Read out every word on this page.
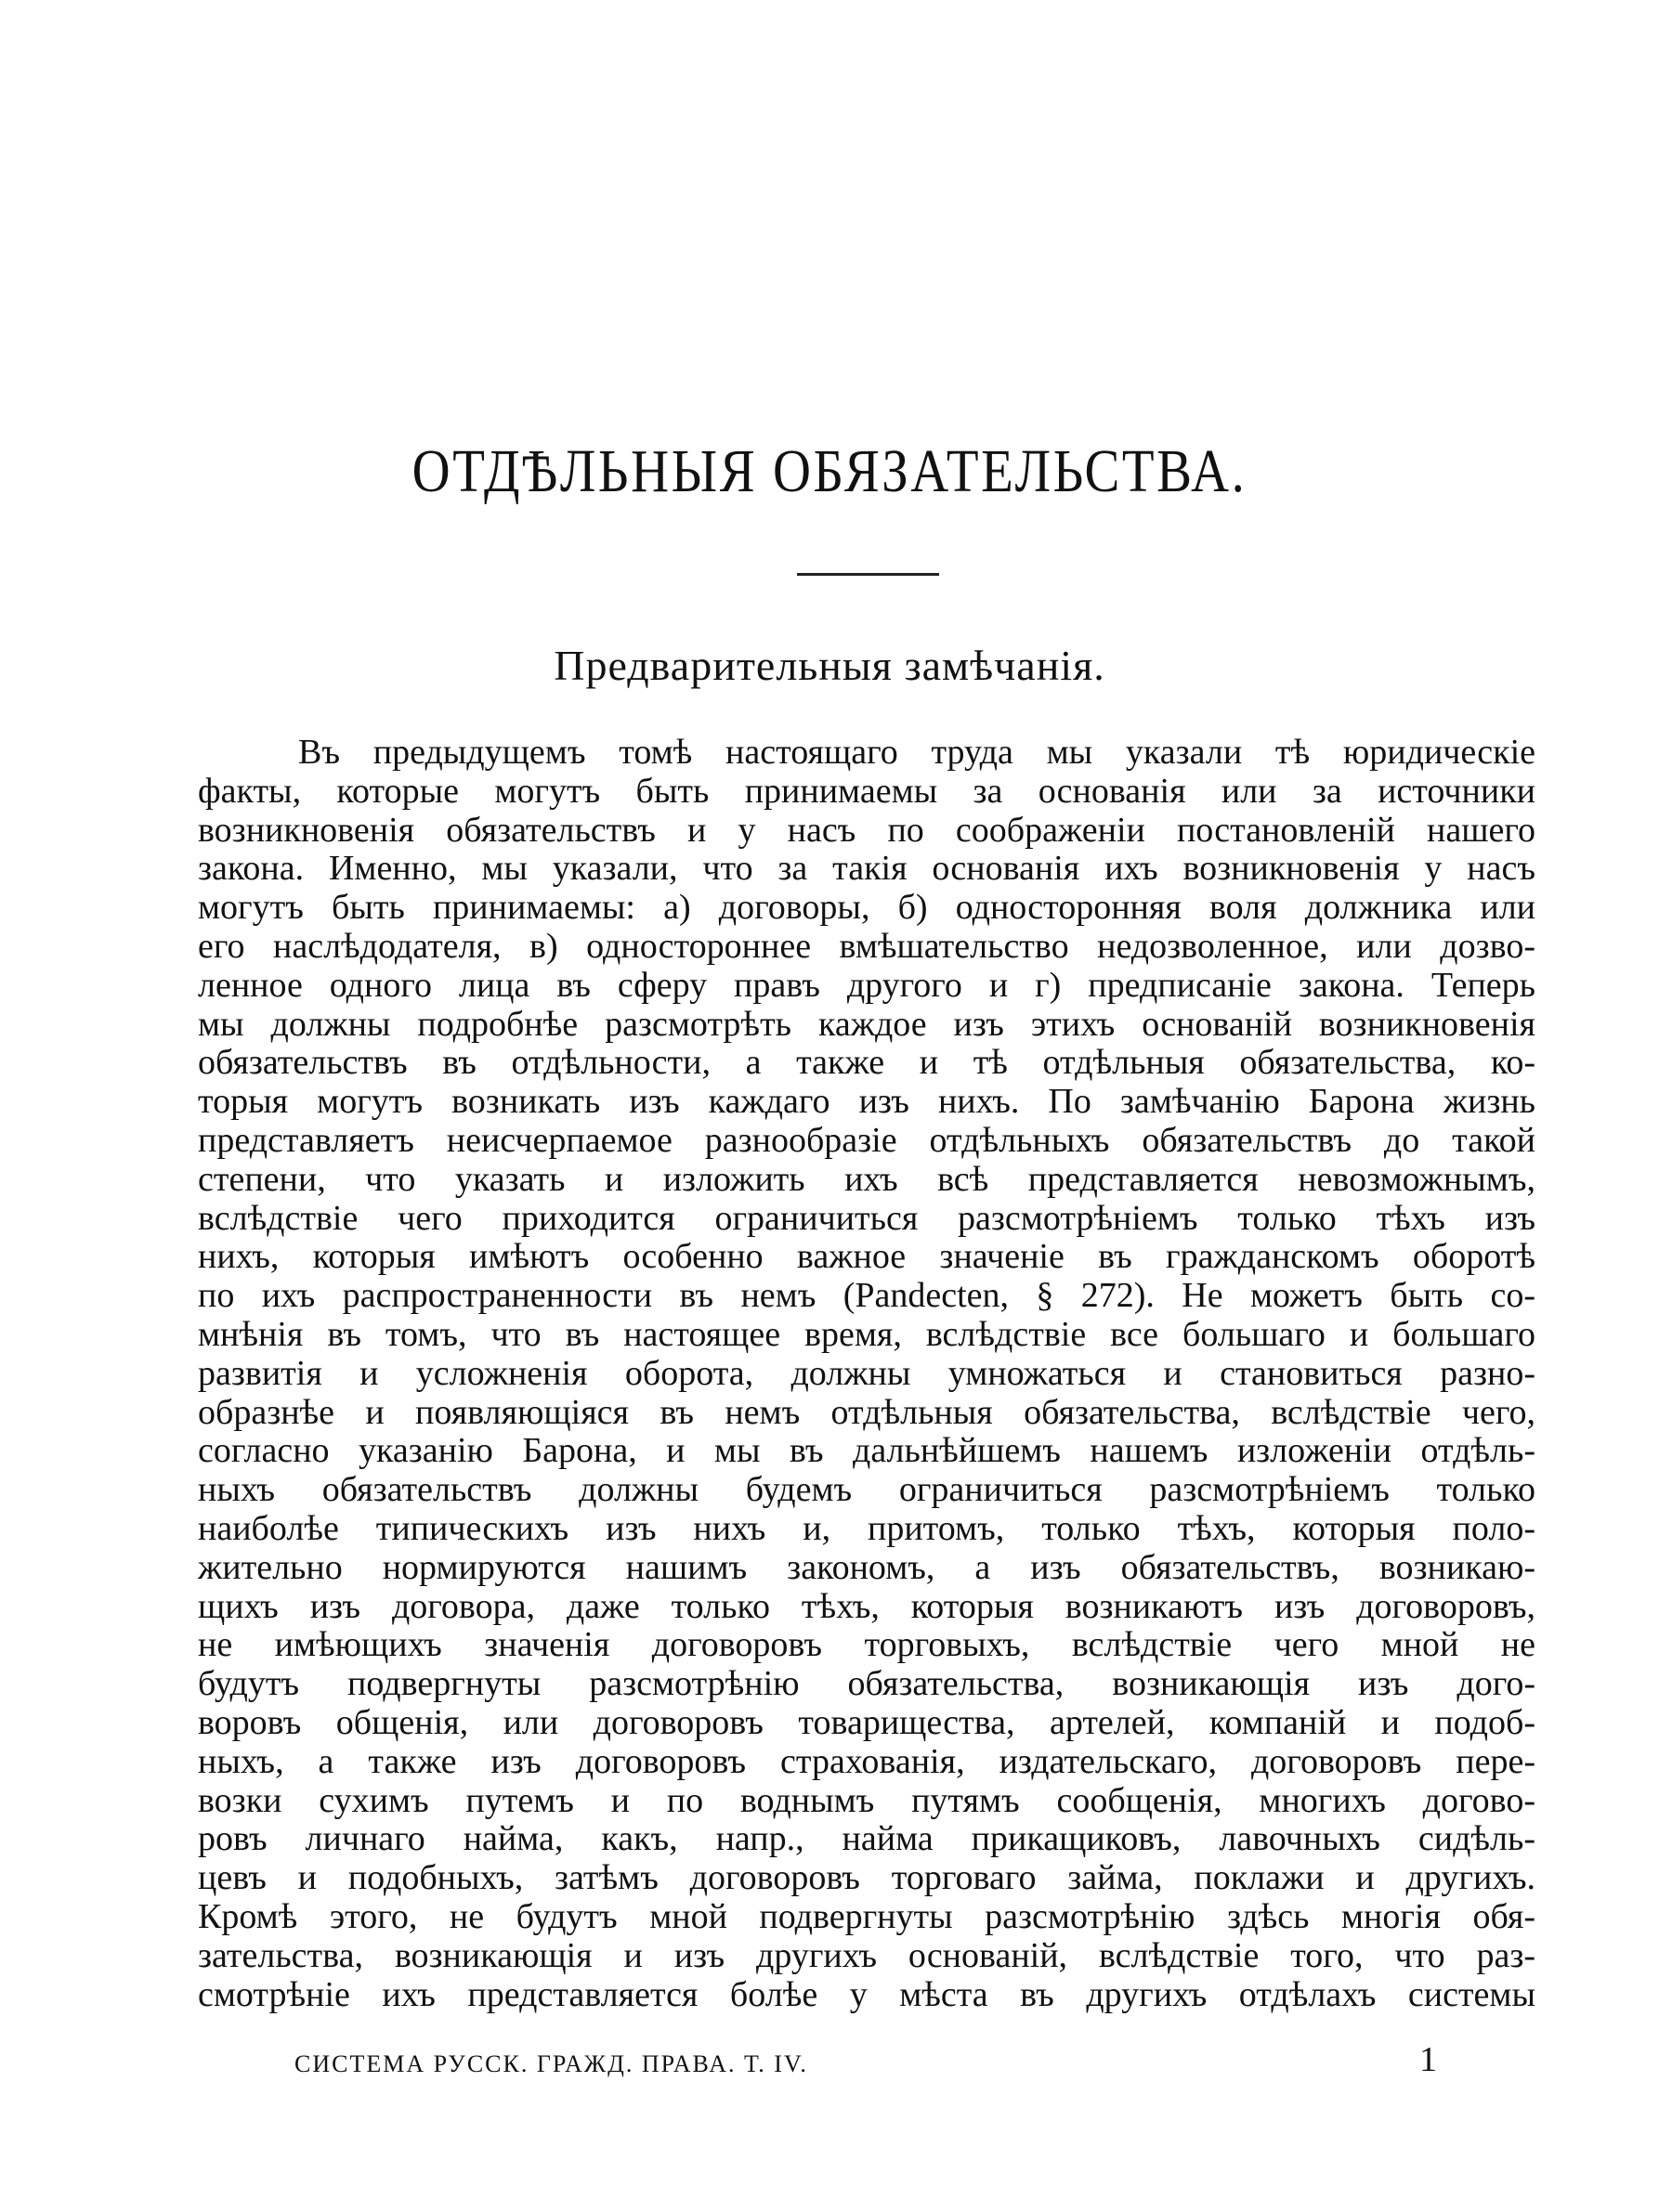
ОТДѢЛЬНЫЯ ОБЯЗАТЕЛЬСТВА.
Предварительныя замѣчанія.
Въ предыдущемъ томѣ настоящаго труда мы указали тѣ юридическіе
факты, которые могутъ быть принимаемы за основанія или за источники
возникновенія обязательствъ и у насъ по соображеніи постановленій нашего
закона. Именно, мы указали, что за такія основанія ихъ возникновенія у насъ
могутъ быть принимаемы: а) договоры, б) односторонняя воля должника или
его наслѣдодателя, в) одностороннее вмѣшательство недозволенное, или дозво-
ленное одного лица въ сферу правъ другого и г) предписаніе закона. Теперь
мы должны подробнѣе разсмотрѣть каждое изъ этихъ основаній возникновенія
обязательствъ въ отдѣльности, а также и тѣ отдѣльныя обязательства, ко-
торыя могутъ возникать изъ каждаго изъ нихъ. По замѣчанію Барона жизнь
представляетъ неисчерпаемое разнообразіе отдѣльныхъ обязательствъ до такой
степени, что указать и изложить ихъ всѣ представляется невозможнымъ,
вслѣдствіе чего приходится ограничиться разсмотрѣніемъ только тѣхъ изъ
нихъ, которыя имѣютъ особенно важное значеніе въ гражданскомъ оборотѣ
по ихъ распространенности въ немъ (Pandecten, § 272). Не можетъ быть со-
мнѣнія въ томъ, что въ настоящее время, вслѣдствіе все большаго и большаго
развитія и усложненія оборота, должны умножаться и становиться разно-
образнѣе и появляющіяся въ немъ отдѣльныя обязательства, вслѣдствіе чего,
согласно указанію Барона, и мы въ дальнѣйшемъ нашемъ изложеніи отдѣль-
ныхъ обязательствъ должны будемъ ограничиться разсмотрѣніемъ только
наиболѣе типическихъ изъ нихъ и, притомъ, только тѣхъ, которыя поло-
жительно нормируются нашимъ закономъ, а изъ обязательствъ, возникаю-
щихъ изъ договора, даже только тѣхъ, которыя возникаютъ изъ договоровъ,
не имѣющихъ значенія договоровъ торговыхъ, вслѣдствіе чего мной не
будутъ подвергнуты разсмотрѣнію обязательства, возникающія изъ дого-
воровъ общенія, или договоровъ товарищества, артелей, компаній и подоб-
ныхъ, а также изъ договоровъ страхованія, издательскаго, договоровъ пере-
возки сухимъ путемъ и по воднымъ путямъ сообщенія, многихъ догово-
ровъ личнаго найма, какъ, напр., найма прикащиковъ, лавочныхъ сидѣль-
цевъ и подобныхъ, затѣмъ договоровъ торговаго займа, поклажи и другихъ.
Кромѣ этого, не будутъ мной подвергнуты разсмотрѣнію здѣсь многія обя-
зательства, возникающія и изъ другихъ основаній, вслѣдствіе того, что раз-
смотрѣніе ихъ представляется болѣе у мѣста въ другихъ отдѣлахъ системы
СИСТЕМА РУССК. ГРАЖД. ПРАВА. Т. IV.	1
